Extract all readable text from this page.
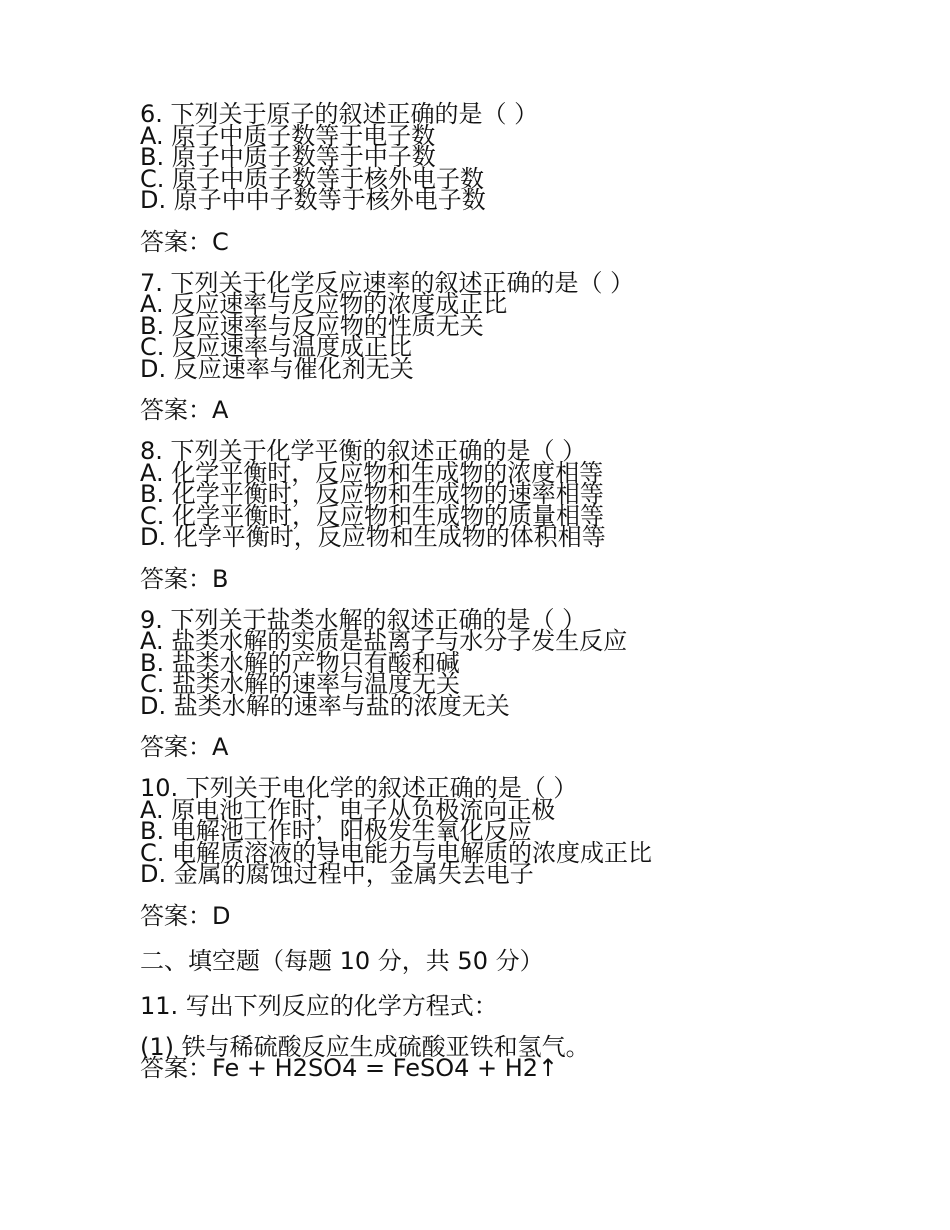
6. 下列关于原子的叙述正确的是（ ）
A. 原子中质子数等于电子数
B. 原子中质子数等于中子数
C. 原子中质子数等于核外电子数
D. 原子中中子数等于核外电子数
答案：C
7. 下列关于化学反应速率的叙述正确的是（ ）
A. 反应速率与反应物的浓度成正比
B. 反应速率与反应物的性质无关
C. 反应速率与温度成正比
D. 反应速率与催化剂无关
答案：A
8. 下列关于化学平衡的叙述正确的是（ ）
A. 化学平衡时，反应物和生成物的浓度相等
B. 化学平衡时，反应物和生成物的速率相等
C. 化学平衡时，反应物和生成物的质量相等
D. 化学平衡时，反应物和生成物的体积相等
答案：B
9. 下列关于盐类水解的叙述正确的是（ ）
A. 盐类水解的实质是盐离子与水分子发生反应
B. 盐类水解的产物只有酸和碱
C. 盐类水解的速率与温度无关
D. 盐类水解的速率与盐的浓度无关
答案：A
10. 下列关于电化学的叙述正确的是（ ）
A. 原电池工作时，电子从负极流向正极
B. 电解池工作时，阳极发生氧化反应
C. 电解质溶液的导电能力与电解质的浓度成正比
D. 金属的腐蚀过程中，金属失去电子
答案：D
二、填空题（每题 10 分，共 50 分）
11. 写出下列反应的化学方程式：
(1) 铁与稀硫酸反应生成硫酸亚铁和氢气。
答案：Fe + H2SO4 = FeSO4 + H2↑
